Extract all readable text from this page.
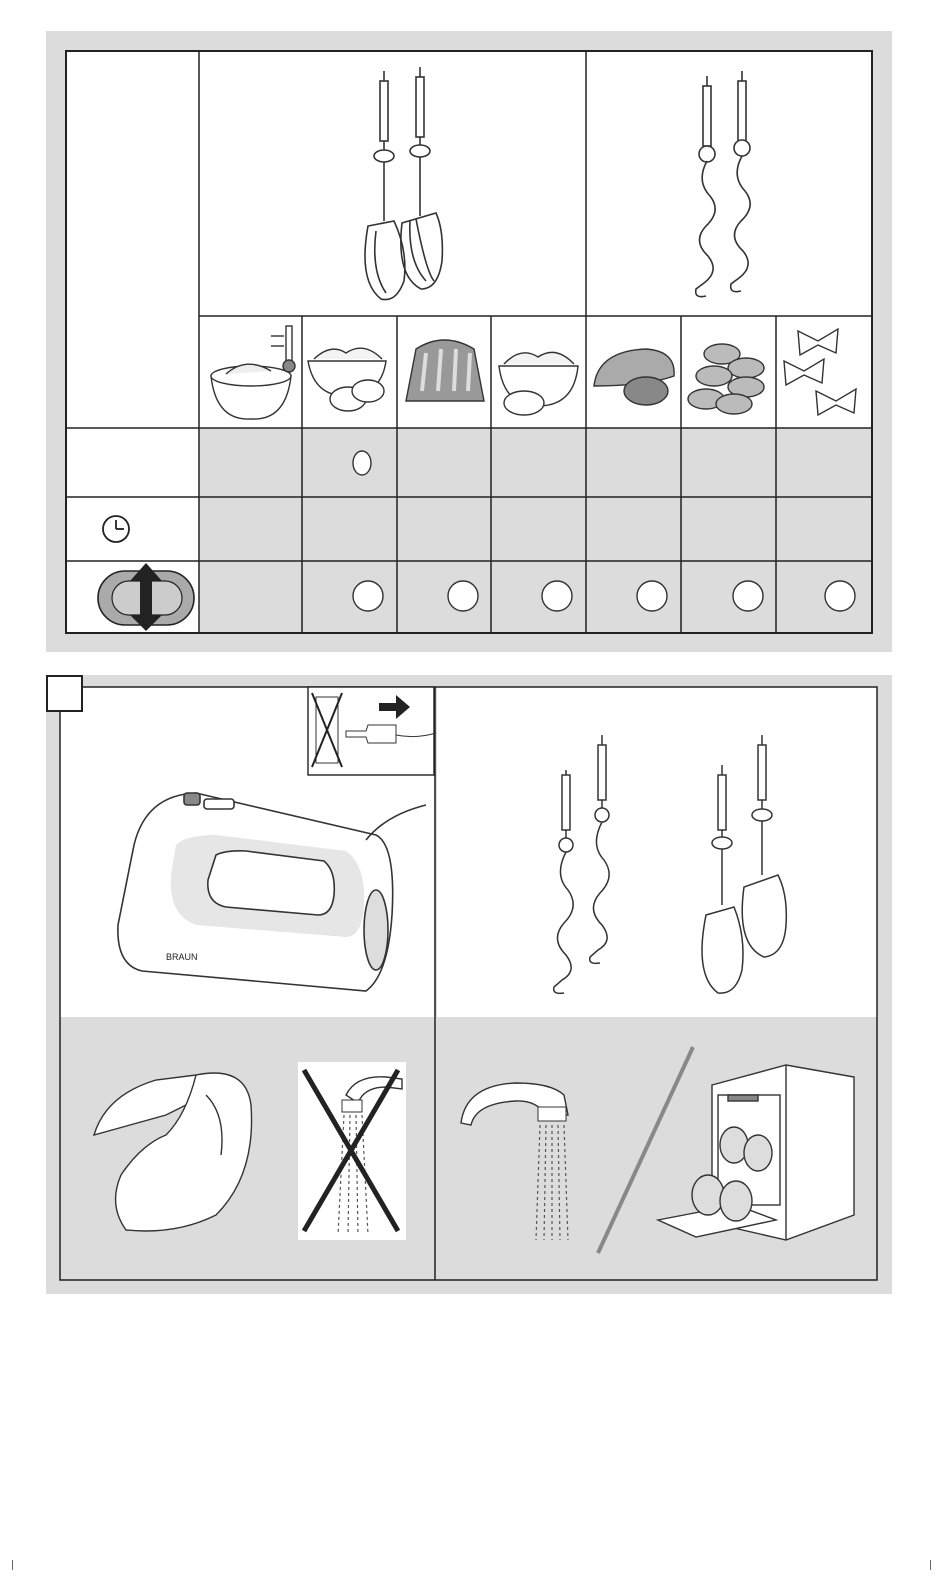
BRAUN
